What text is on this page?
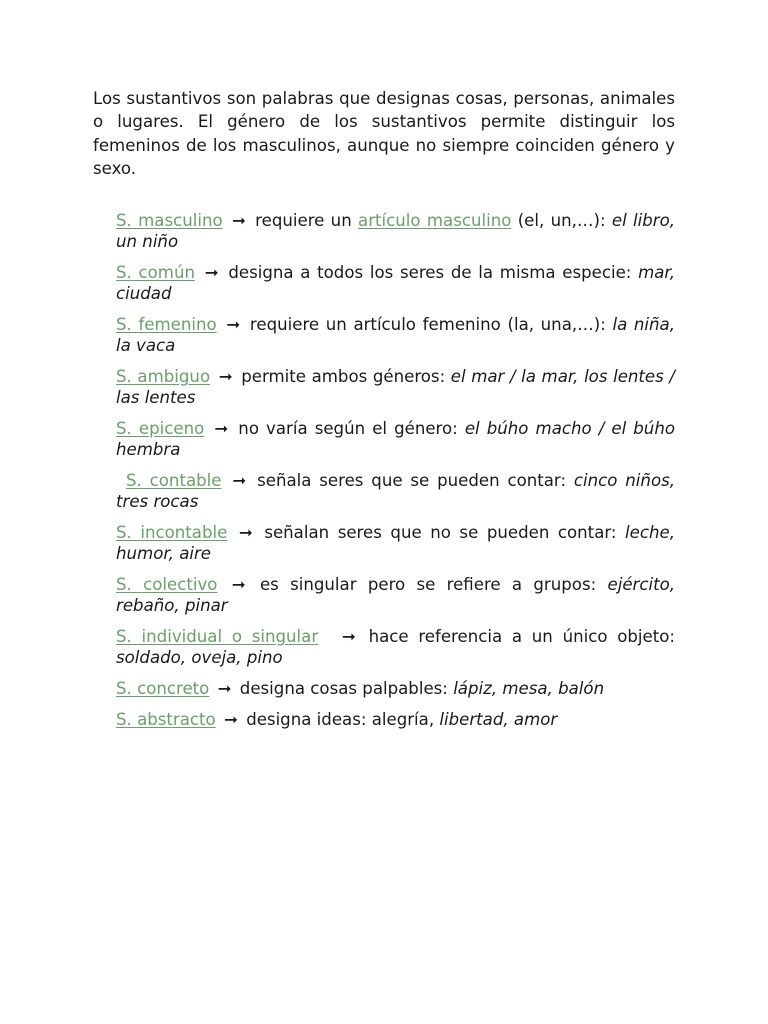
Los sustantivos son palabras que designas cosas, personas, animales o lugares. El género de los sustantivos permite distinguir los femeninos de los masculinos, aunque no siempre coinciden género y sexo.

S. masculino ➞ requiere un artículo masculino (el, un,…): el libro, un niño
S. común ➞ designa a todos los seres de la misma especie: mar, ciudad
S. femenino ➞ requiere un artículo femenino (la, una,…): la niña, la vaca
S. ambiguo ➞ permite ambos géneros: el mar / la mar, los lentes / las lentes
S. epiceno ➞ no varía según el género: el búho macho / el búho hembra
S. contable ➞ señala seres que se pueden contar: cinco niños, tres rocas
S. incontable ➞ señalan seres que no se pueden contar: leche, humor, aire
S. colectivo ➞ es singular pero se refiere a grupos: ejército, rebaño, pinar
S. individual o singular ➞ hace referencia a un único objeto: soldado, oveja, pino
S. concreto ➞ designa cosas palpables: lápiz, mesa, balón
S. abstracto ➞ designa ideas: alegría, libertad, amor
